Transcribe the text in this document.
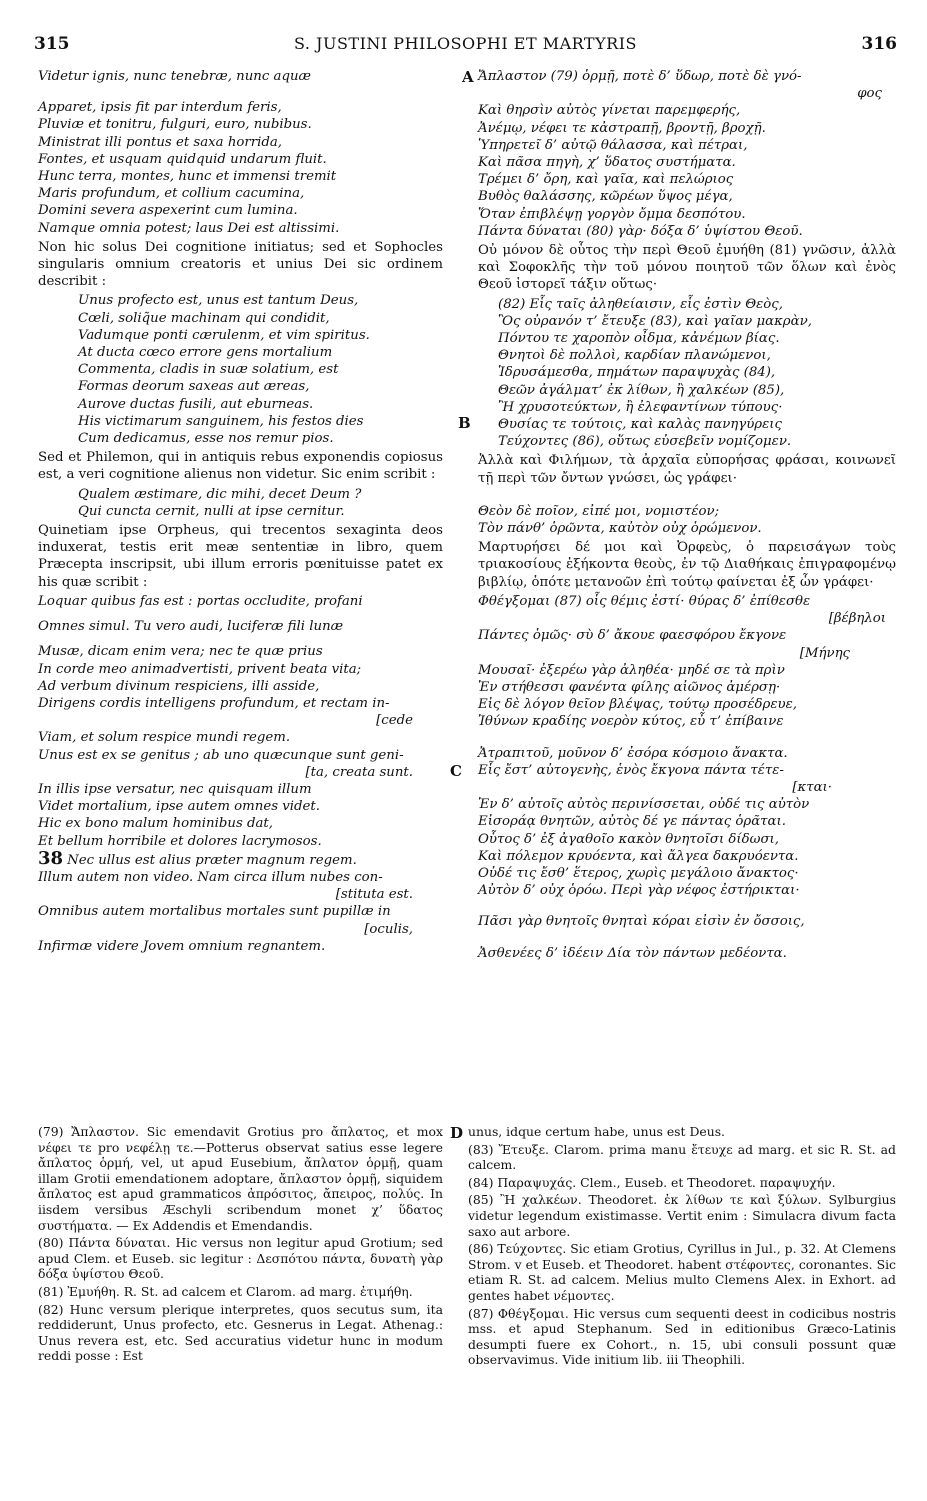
315	S. JUSTINI PHILOSOPHI ET MARTYRIS	316
A
B
C
D
Videtur ignis, nunc tenebræ, nunc aquæ
Apparet, ipsis fit par interdum feris,
Pluviæ et tonitru, fulguri, euro, nubibus.
Ministrat illi pontus et saxa horrida,
Fontes, et usquam quidquid undarum fluit.
Hunc terra, montes, hunc et immensi tremit
Maris profundum, et collium cacumina,
Domini severa aspexerint cum lumina.
Namque omnia potest; laus Dei est altissimi.

Non hic solus Dei cognitione initiatus; sed et Sophocles singularis omnium creatoris et unius Dei sic ordinem describit :

Unus profecto est, unus est tantum Deus,
Cœli, soliq̃ue machinam qui condidit,
Vadumque ponti cærulenm, et vim spiritus.
At ducta cœco errore gens mortalium
Commenta, cladis in suæ solatium, est
Formas deorum saxeas aut æreas,
Aurove ductas fusili, aut eburneas.
His victimarum sanguinem, his festos dies
Cum dedicamus, esse nos remur pios.

Sed et Philemon, qui in antiquis rebus exponendis copiosus est, a veri cognitione alienus non videtur. Sic enim scribit :

Qualem æstimare, dic mihi, decet Deum ?
Qui cuncta cernit, nulli at ipse cernitur.

Quinetiam ipse Orpheus, qui trecentos sexaginta deos induxerat, testis erit meæ sententiæ in libro, quem Præcepta inscripsit, ubi illum erroris pœnituisse patet ex his quæ scribit :

Loquar quibus fas est : portas occludite, profani
Omnes simul. Tu vero audi, luciferæ fili lunæ
Musæ, dicam enim vera; nec te quæ prius
In corde meo animadvertisti, privent beata vita;
Ad verbum divinum respiciens, illi asside,
Dirigens cordis intelligens profundum, et rectam in-
[cede
Viam, et solum respice mundi regem.
Unus est ex se genitus ; ab uno quæcunque sunt geni-
[ta, creata sunt.
In illis ipse versatur, nec quisquam illum
Videt mortalium, ipse autem omnes videt.
Hic ex bono malum hominibus dat,
Et bellum horribile et dolores lacrymosos.
38 Nec ullus est alius præter magnum regem.
Illum autem non video. Nam circa illum nubes con-
[stituta est.
Omnibus autem mortalibus mortales sunt pupillæ in
[oculis,
Infirmæ videre Jovem omnium regnantem.
Ἄπλαστον (79) ὁρμῇ, ποτὲ δ’ ὕδωρ, ποτὲ δὲ γνό-
φος
Καὶ θηρσὶν αὐτὸς γίνεται παρεμφερής,
Ἀνέμῳ, νέφει τε κἀστραπῇ, βροντῇ, βροχῇ.
Ὑπηρετεῖ δ’ αὐτῷ θάλασσα, καὶ πέτραι,
Καὶ πᾶσα πηγὴ, χ’ ὕδατος συστήματα.
Τρέμει δ’ ὄρη, καὶ γαῖα, καὶ πελώριος
Βυθὸς θαλάσσης, κῶρέων ὕψος μέγα,
Ὅταν ἐπιβλέψῃ γοργὸν ὄμμα δεσπότου.
Πάντα δύναται (80) γὰρ· δόξα δ’ ὑψίστου Θεοῦ.

Οὐ μόνον δὲ οὗτος τὴν περὶ Θεοῦ ἐμυήθη (81) γνῶσιν, ἀλλὰ καὶ Σοφοκλῆς τὴν τοῦ μόνου ποιητοῦ τῶν ὅλων καὶ ἑνὸς Θεοῦ ἱστορεῖ τάξιν οὕτως·

(82) Εἷς ταῖς ἀληθείαισιν, εἷς ἐστὶν Θεὸς,
Ὃς οὐρανόν τ’ ἔτευξε (83), καὶ γαῖαν μακρὰν,
Πόντου τε χαροπὸν οἶδμα, κἀνέμων βίας.
Θνητοὶ δὲ πολλοὶ, καρδίαν πλανώμενοι,
Ἱδρυσάμεσθα, πημάτων παραψυχὰς (84),
Θεῶν ἀγάλματ’ ἐκ λίθων, ἢ χαλκέων (85),
Ἢ χρυσοτεύκτων, ἢ ἐλεφαντίνων τύπους·
Θυσίας τε τούτοις, καὶ καλὰς πανηγύρεις
Τεύχοντες (86), οὕτως εὐσεβεῖν νομίζομεν.

Ἀλλὰ καὶ Φιλήμων, τὰ ἀρχαῖα εὐπορήσας φράσαι, κοινωνεῖ τῇ περὶ τῶν ὄντων γνώσει, ὡς γράφει·

Θεὸν δὲ ποῖον, εἰπέ μοι, νομιστέον;
Τὸν πάνθ’ ὁρῶντα, καὐτὸν οὐχ ὁρώμενον.

Μαρτυρήσει δέ μοι καὶ Ὀρφεὺς, ὁ παρεισάγων τοὺς τριακοσίους ἑξήκοντα θεοὺς, ἐν τῷ Διαθήκαις ἐπιγραφομένῳ βιβλίῳ, ὁπότε μετανοῶν ἐπὶ τούτῳ φαίνεται ἐξ ὧν γράφει·

Φθέγξομαι (87) οἷς θέμις ἐστί· θύρας δ’ ἐπίθεσθε
[βέβηλοι
Πάντες ὁμῶς· σὺ δ’ ἄκουε φαεσφόρου ἔκγονε
[Μήνης
Μουσαῖ· ἐξερέω γὰρ ἀληθέα· μηδέ σε τὰ πρὶν
Ἐν στήθεσσι φανέντα φίλης αἰῶνος ἀμέρσῃ·
Εἰς δὲ λόγον θεῖον βλέψας, τούτῳ προσέδρευε,
Ἰθύνων κραδίης νοερὸν κύτος, εὖ τ’ ἐπίβαινε
Ἀτραπιτοῦ, μοῦνον δ’ ἐσόρα κόσμοιο ἄνακτα.
Εἷς ἔστ’ αὐτογενὴς, ἑνὸς ἔκγονα πάντα τέτε-
[κται·
Ἐν δ’ αὐτοῖς αὐτὸς περινίσσεται, οὐδέ τις αὐτὸν
Εἰσοράᾳ θνητῶν, αὐτὸς δέ γε πάντας ὁρᾶται.
Οὗτος δ’ ἐξ ἀγαθοῖο κακὸν θνητοῖσι δίδωσι,
Καὶ πόλεμον κρυόεντα, καὶ ἄλγεα δακρυόεντα.
Οὐδέ τις ἔσθ’ ἕτερος, χωρὶς μεγάλοιο ἄνακτος·
Αὐτὸν δ’ οὐχ ὁρόω. Περὶ γὰρ νέφος ἐστήρικται·
Πᾶσι γὰρ θνητοῖς θνηταὶ κόραι εἰσὶν ἐν ὄσσοις,
Ἀσθενέες δ’ ἰδέειν Δία τὸν πάντων μεδέοντα.

(79) Ἄπλαστον. Sic emendavit Grotius pro ἄπλατος, et mox νέφει τε pro νεφέλῃ τε.—Potterus observat satius esse legere ἄπλατος ὁρμή, vel, ut apud Eusebium, ἄπλατον ὁρμῇ, quam illam Grotii emendationem adoptare, ἄπλαστον ὁρμῇ, siquidem ἄπλατος est apud grammaticos ἀπρόσιτος, ἄπειρος, πολύς. In iisdem versibus Æschyli scribendum monet χ’ ὕδατος συστήματα. — Ex Addendis et Emendandis.

(80) Πάντα δύναται. Hic versus non legitur apud Grotium; sed apud Clem. et Euseb. sic legitur : Δεσπότου πάντα, δυνατὴ γὰρ δόξα ὑψίστου Θεοῦ.

(81) Ἐμυήθη. R. St. ad calcem et Clarom. ad marg. ἐτιμήθη.

(82) Hunc versum plerique interpretes, quos secutus sum, ita reddiderunt, Unus profecto, etc. Gesnerus in Legat. Athenag.: Unus revera est, etc. Sed accuratius videtur hunc in modum reddi posse : Est

unus, idque certum habe, unus est Deus.

(83) Ἔτευξε. Clarom. prima manu ἔτευχε ad marg. et sic R. St. ad calcem.

(84) Παραψυχάς. Clem., Euseb. et Theodoret. παραψυχήν.

(85) Ἢ χαλκέων. Theodoret. ἐκ λίθων τε καὶ ξύλων. Sylburgius videtur legendum existimasse. Vertit enim : Simulacra divum facta saxo aut arbore.

(86) Τεύχοντες. Sic etiam Grotius, Cyrillus in Jul., p. 32. At Clemens Strom. v et Euseb. et Theodoret. habent στέφοντες, coronantes. Sic etiam R. St. ad calcem. Melius multo Clemens Alex. in Exhort. ad gentes habet νέμοντες.

(87) Φθέγξομαι. Hic versus cum sequenti deest in codicibus nostris mss. et apud Stephanum. Sed in editionibus Græco-Latinis desumpti fuere ex Cohort., n. 15, ubi consuli possunt quæ observavimus. Vide initium lib. iii Theophili.
